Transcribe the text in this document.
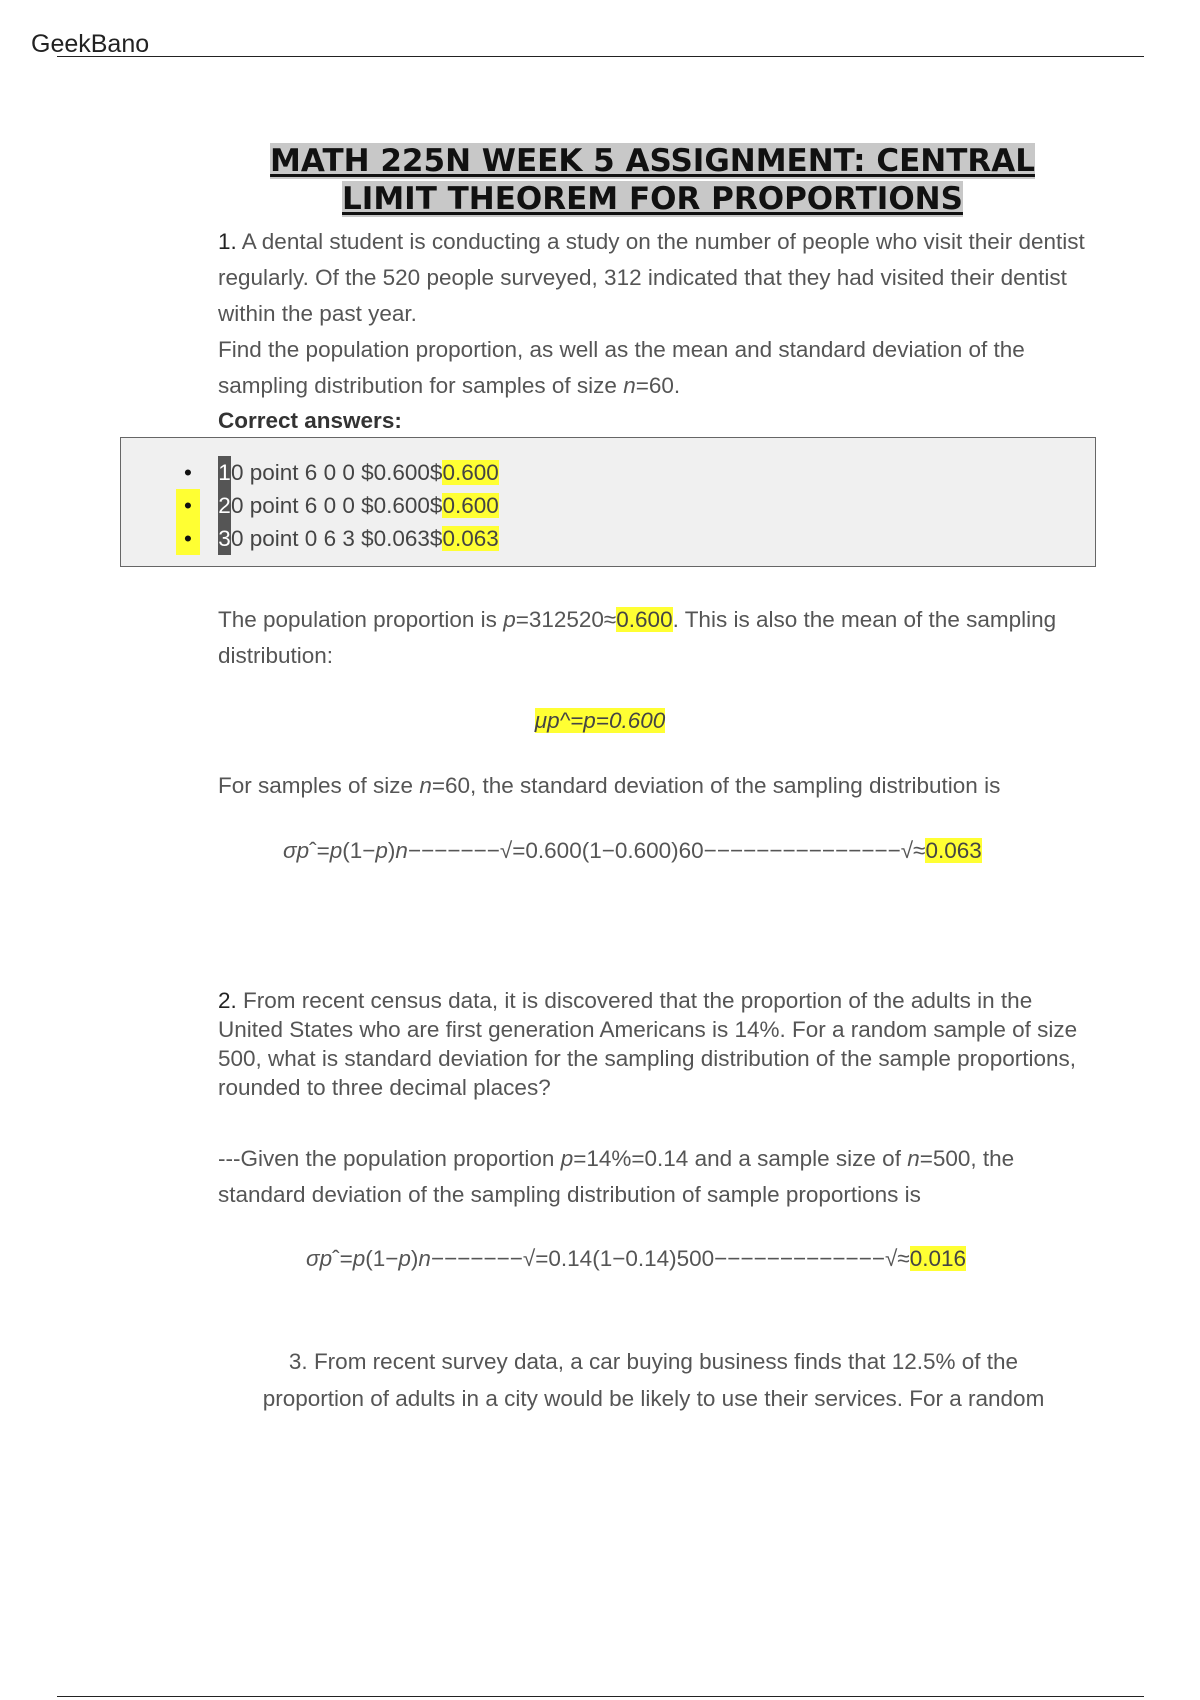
GeekBano
MATH 225N WEEK 5 ASSIGNMENT: CENTRAL
LIMIT THEOREM FOR PROPORTIONS

1. A dental student is conducting a study on the number of people who visit their dentist regularly. Of the 520 people surveyed, 312 indicated that they had visited their dentist within the past year.
Find the population proportion, as well as the mean and standard deviation of the sampling distribution for samples of size n=60.

Correct answers:
• 10 point 6 0 0 $0.600$0.600
•	20 point 6 0 0 $0.600$0.600
•	30 point 0 6 3 $0.063$0.063

The population proportion is p=312520≈0.600. This is also the mean of the sampling distribution:

μp^=p=0.600

For samples of size n=60, the standard deviation of the sampling distribution is

σpˆ=p(1−p)n−−−−−−−√=0.600(1−0.600)60−−−−−−−−−−−−−−−√≈0.063

2. From recent census data, it is discovered that the proportion of the adults in the United States who are first generation Americans is 14%. For a random sample of size 500, what is standard deviation for the sampling distribution of the sample proportions, rounded to three decimal places?

---Given the population proportion p=14%=0.14 and a sample size of n=500, the standard deviation of the sampling distribution of sample proportions is

σpˆ=p(1−p)n−−−−−−−√=0.14(1−0.14)500−−−−−−−−−−−−−√≈0.016
3. From recent survey data, a car buying business finds that 12.5% of the
proportion of adults in a city would be likely to use their services. For a random
